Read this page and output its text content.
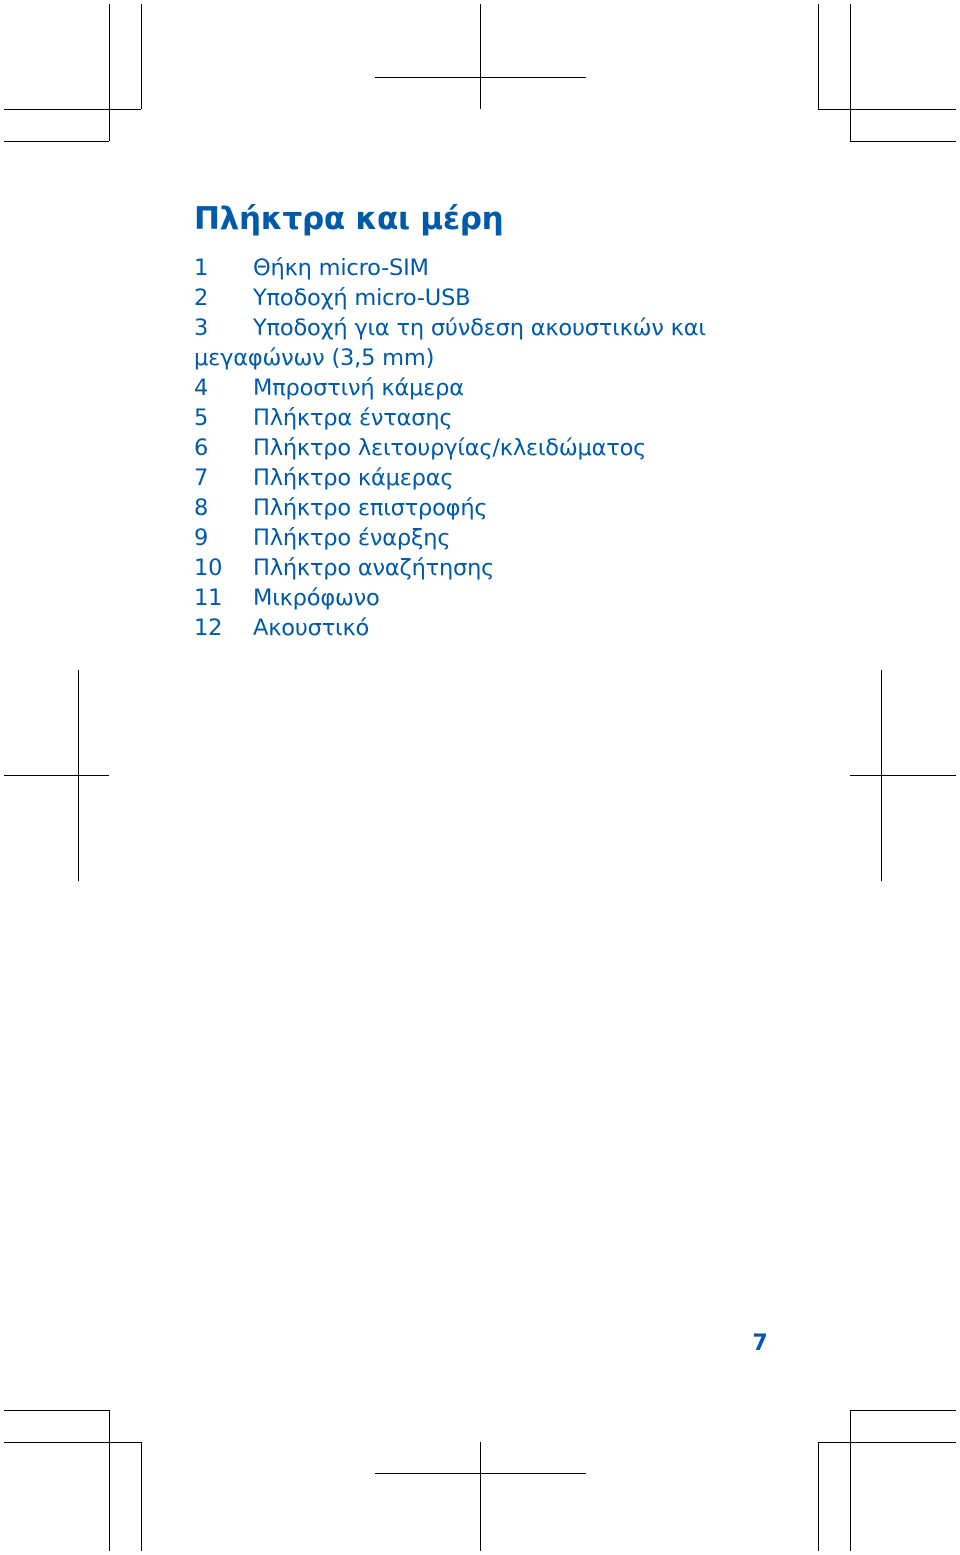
Πλήκτρα και μέρη
1 Θήκη micro-SIM
2 Υποδοχή micro-USB
3 Υποδοχή για τη σύνδεση ακουστικών και μεγαφώνων (3,5 mm)
4 Μπροστινή κάμερα
5 Πλήκτρα έντασης
6 Πλήκτρο λειτουργίας/κλειδώματος
7 Πλήκτρο κάμερας
8 Πλήκτρο επιστροφής
9 Πλήκτρο έναρξης
10 Πλήκτρο αναζήτησης
11 Μικρόφωνο
12 Ακουστικό
7
